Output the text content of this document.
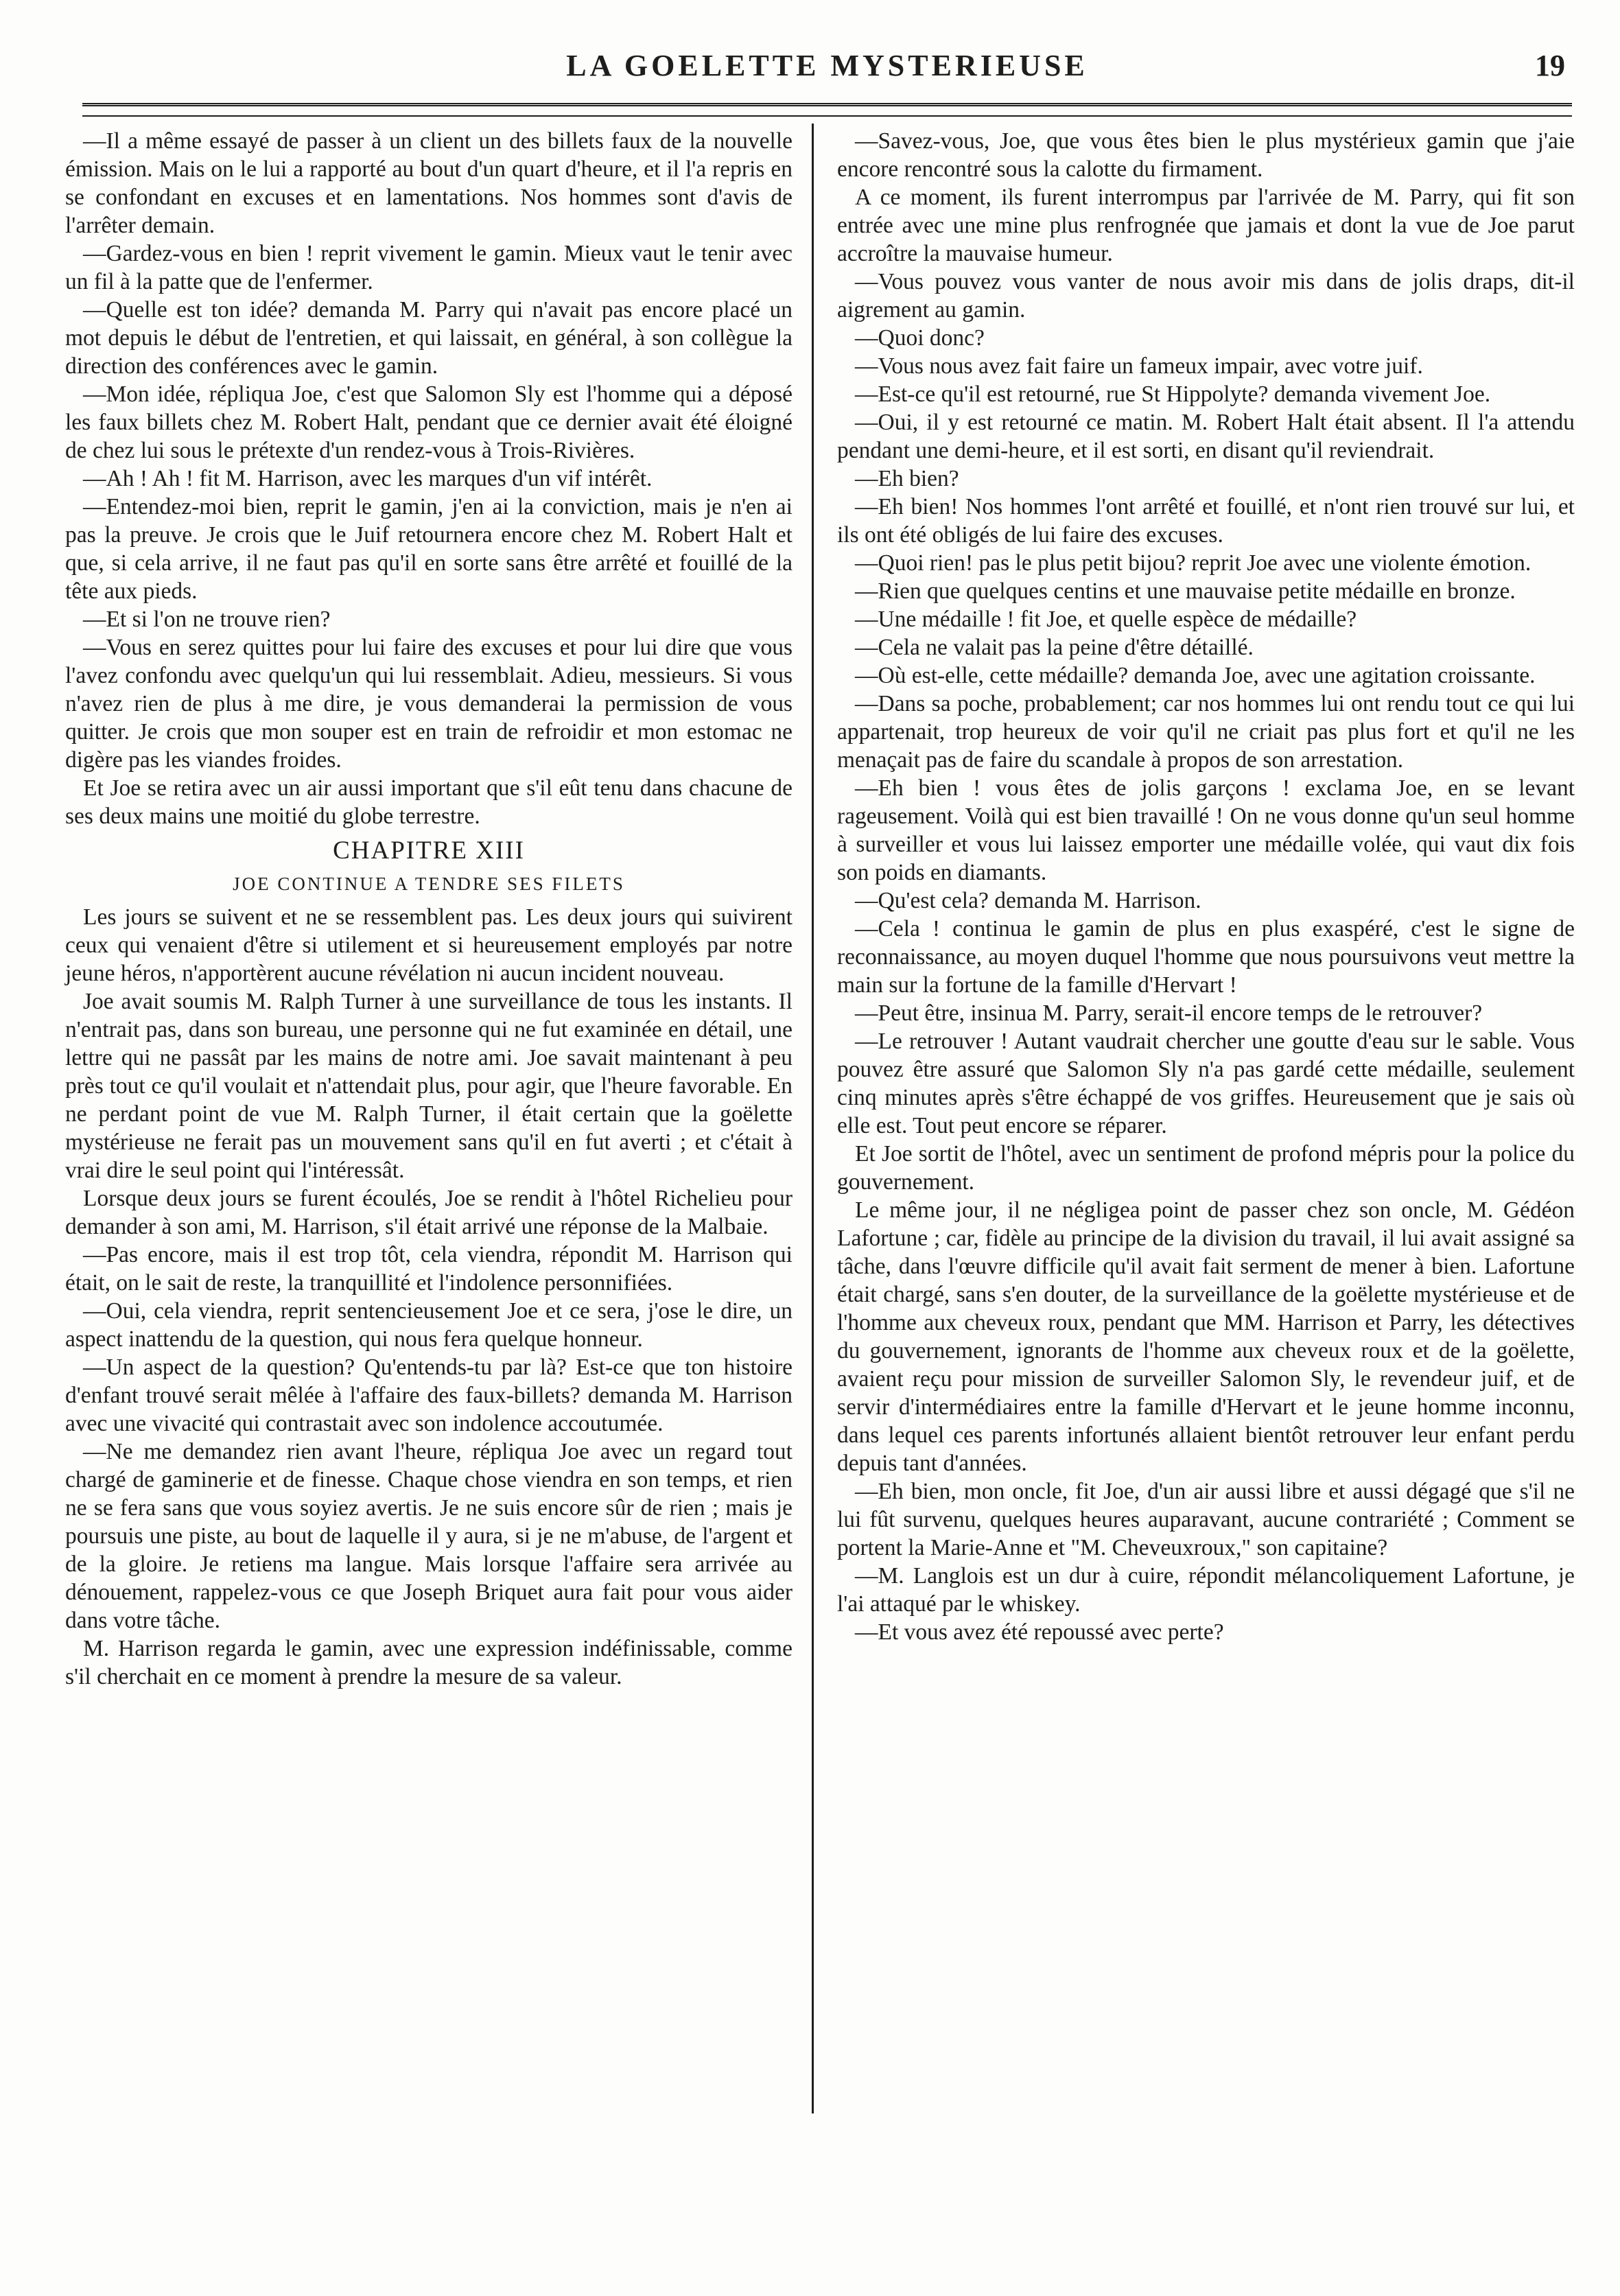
LA GOELETTE MYSTERIEUSE	19

—Il a même essayé de passer à un client un des billets faux de la nouvelle émission. Mais on le lui a rapporté au bout d'un quart d'heure, et il l'a repris en se confondant en excuses et en lamentations. Nos hommes sont d'avis de l'arrêter demain.

—Gardez-vous en bien ! reprit vivement le gamin. Mieux vaut le tenir avec un fil à la patte que de l'enfermer.

—Quelle est ton idée? demanda M. Parry qui n'avait pas encore placé un mot depuis le début de l'entretien, et qui laissait, en général, à son collègue la direction des conférences avec le gamin.

—Mon idée, répliqua Joe, c'est que Salomon Sly est l'homme qui a déposé les faux billets chez M. Robert Halt, pendant que ce dernier avait été éloigné de chez lui sous le prétexte d'un rendez-vous à Trois-Rivières.

—Ah ! Ah ! fit M. Harrison, avec les marques d'un vif intérêt.

—Entendez-moi bien, reprit le gamin, j'en ai la conviction, mais je n'en ai pas la preuve. Je crois que le Juif retournera encore chez M. Robert Halt et que, si cela arrive, il ne faut pas qu'il en sorte sans être arrêté et fouillé de la tête aux pieds.

—Et si l'on ne trouve rien?

—Vous en serez quittes pour lui faire des excuses et pour lui dire que vous l'avez confondu avec quelqu'un qui lui ressemblait. Adieu, messieurs. Si vous n'avez rien de plus à me dire, je vous demanderai la permission de vous quitter. Je crois que mon souper est en train de refroidir et mon estomac ne digère pas les viandes froides.

Et Joe se retira avec un air aussi important que s'il eût tenu dans chacune de ses deux mains une moitié du globe terrestre.

CHAPITRE XIII
JOE CONTINUE A TENDRE SES FILETS

Les jours se suivent et ne se ressemblent pas. Les deux jours qui suivirent ceux qui venaient d'être si utilement et si heureusement employés par notre jeune héros, n'apportèrent aucune révélation ni aucun incident nouveau.

Joe avait soumis M. Ralph Turner à une surveillance de tous les instants. Il n'entrait pas, dans son bureau, une personne qui ne fut examinée en détail, une lettre qui ne passât par les mains de notre ami. Joe savait maintenant à peu près tout ce qu'il voulait et n'attendait plus, pour agir, que l'heure favorable. En ne perdant point de vue M. Ralph Turner, il était certain que la goëlette mystérieuse ne ferait pas un mouvement sans qu'il en fut averti ; et c'était à vrai dire le seul point qui l'intéressât.

Lorsque deux jours se furent écoulés, Joe se rendit à l'hôtel Richelieu pour demander à son ami, M. Harrison, s'il était arrivé une réponse de la Malbaie.

—Pas encore, mais il est trop tôt, cela viendra, répondit M. Harrison qui était, on le sait de reste, la tranquillité et l'indolence personnifiées.

—Oui, cela viendra, reprit sentencieusement Joe et ce sera, j'ose le dire, un aspect inattendu de la question, qui nous fera quelque honneur.

—Un aspect de la question? Qu'entends-tu par là? Est-ce que ton histoire d'enfant trouvé serait mêlée à l'affaire des faux-billets? demanda M. Harrison avec une vivacité qui contrastait avec son indolence accoutumée.

—Ne me demandez rien avant l'heure, répliqua Joe avec un regard tout chargé de gaminerie et de finesse. Chaque chose viendra en son temps, et rien ne se fera sans que vous soyiez avertis. Je ne suis encore sûr de rien ; mais je poursuis une piste, au bout de laquelle il y aura, si je ne m'abuse, de l'argent et de la gloire. Je retiens ma langue. Mais lorsque l'affaire sera arrivée au dénouement, rappelez-vous ce que Joseph Briquet aura fait pour vous aider dans votre tâche.

M. Harrison regarda le gamin, avec une expression indéfinissable, comme s'il cherchait en ce moment à prendre la mesure de sa valeur.

—Savez-vous, Joe, que vous êtes bien le plus mystérieux gamin que j'aie encore rencontré sous la calotte du firmament.

A ce moment, ils furent interrompus par l'arrivée de M. Parry, qui fit son entrée avec une mine plus renfrognée que jamais et dont la vue de Joe parut accroître la mauvaise humeur.

—Vous pouvez vous vanter de nous avoir mis dans de jolis draps, dit-il aigrement au gamin.

—Quoi donc?

—Vous nous avez fait faire un fameux impair, avec votre juif.

—Est-ce qu'il est retourné, rue St Hippolyte? demanda vivement Joe.

—Oui, il y est retourné ce matin. M. Robert Halt était absent. Il l'a attendu pendant une demi-heure, et il est sorti, en disant qu'il reviendrait.

—Eh bien?

—Eh bien! Nos hommes l'ont arrêté et fouillé, et n'ont rien trouvé sur lui, et ils ont été obligés de lui faire des excuses.

—Quoi rien! pas le plus petit bijou? reprit Joe avec une violente émotion.

—Rien que quelques centins et une mauvaise petite médaille en bronze.

—Une médaille ! fit Joe, et quelle espèce de médaille?

—Cela ne valait pas la peine d'être détaillé.

—Où est-elle, cette médaille? demanda Joe, avec une agitation croissante.

—Dans sa poche, probablement; car nos hommes lui ont rendu tout ce qui lui appartenait, trop heureux de voir qu'il ne criait pas plus fort et qu'il ne les menaçait pas de faire du scandale à propos de son arrestation.

—Eh bien ! vous êtes de jolis garçons ! exclama Joe, en se levant rageusement. Voilà qui est bien travaillé ! On ne vous donne qu'un seul homme à surveiller et vous lui laissez emporter une médaille volée, qui vaut dix fois son poids en diamants.

—Qu'est cela? demanda M. Harrison.

—Cela ! continua le gamin de plus en plus exaspéré, c'est le signe de reconnaissance, au moyen duquel l'homme que nous poursuivons veut mettre la main sur la fortune de la famille d'Hervart !

—Peut être, insinua M. Parry, serait-il encore temps de le retrouver?

—Le retrouver ! Autant vaudrait chercher une goutte d'eau sur le sable. Vous pouvez être assuré que Salomon Sly n'a pas gardé cette médaille, seulement cinq minutes après s'être échappé de vos griffes. Heureusement que je sais où elle est. Tout peut encore se réparer.

Et Joe sortit de l'hôtel, avec un sentiment de profond mépris pour la police du gouvernement.

Le même jour, il ne négligea point de passer chez son oncle, M. Gédéon Lafortune ; car, fidèle au principe de la division du travail, il lui avait assigné sa tâche, dans l'œuvre difficile qu'il avait fait serment de mener à bien. Lafortune était chargé, sans s'en douter, de la surveillance de la goëlette mystérieuse et de l'homme aux cheveux roux, pendant que MM. Harrison et Parry, les détectives du gouvernement, ignorants de l'homme aux cheveux roux et de la goëlette, avaient reçu pour mission de surveiller Salomon Sly, le revendeur juif, et de servir d'intermédiaires entre la famille d'Hervart et le jeune homme inconnu, dans lequel ces parents infortunés allaient bientôt retrouver leur enfant perdu depuis tant d'années.

—Eh bien, mon oncle, fit Joe, d'un air aussi libre et aussi dégagé que s'il ne lui fût survenu, quelques heures auparavant, aucune contrariété ; Comment se portent la Marie-Anne et "M. Cheveuxroux," son capitaine?

—M. Langlois est un dur à cuire, répondit mélancoliquement Lafortune, je l'ai attaqué par le whiskey.

—Et vous avez été repoussé avec perte?
